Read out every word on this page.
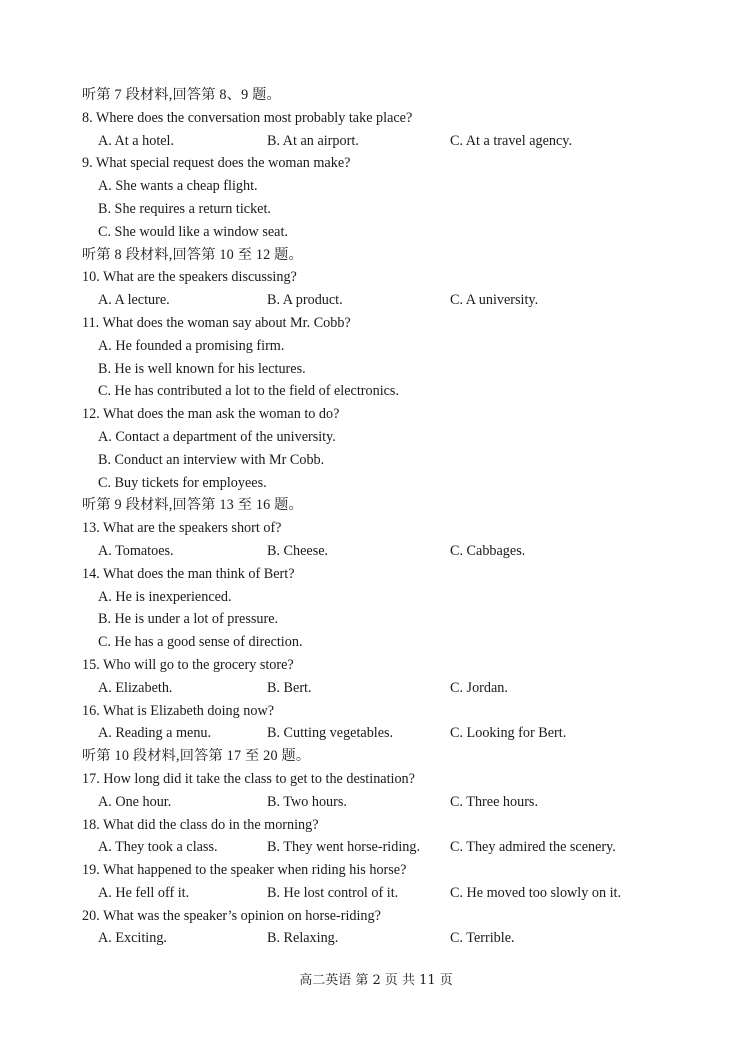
听第 7 段材料,回答第 8、9 题。
8. Where does the conversation most probably take place?
A. At a hotel.	B. At an airport.	C. At a travel agency.
9. What special request does the woman make?
A. She wants a cheap flight.
B. She requires a return ticket.
C. She would like a window seat.
听第 8 段材料,回答第 10 至 12 题。
10. What are the speakers discussing?
A. A lecture.	B. A product.	C. A university.
11. What does the woman say about Mr. Cobb?
A. He founded a promising firm.
B. He is well known for his lectures.
C. He has contributed a lot to the field of electronics.
12. What does the man ask the woman to do?
A. Contact a department of the university.
B. Conduct an interview with Mr Cobb.
C. Buy tickets for employees.
听第 9 段材料,回答第 13 至 16 题。
13. What are the speakers short of?
A. Tomatoes.	B. Cheese.	C. Cabbages.
14. What does the man think of Bert?
A. He is inexperienced.
B. He is under a lot of pressure.
C. He has a good sense of direction.
15. Who will go to the grocery store?
A. Elizabeth.	B. Bert.	C. Jordan.
16. What is Elizabeth doing now?
A. Reading a menu.	B. Cutting vegetables.	C. Looking for Bert.
听第 10 段材料,回答第 17 至 20 题。
17. How long did it take the class to get to the destination?
A. One hour.	B. Two hours.	C. Three hours.
18. What did the class do in the morning?
A. They took a class.	B. They went horse-riding. C. They admired the scenery.
19. What happened to the speaker when riding his horse?
A. He fell off it.	B. He lost control of it.	C. He moved too slowly on it.
20. What was the speaker’s opinion on horse-riding?
A. Exciting.	B. Relaxing.	C. Terrible.
高二英语 第 2 页 共 11 页
